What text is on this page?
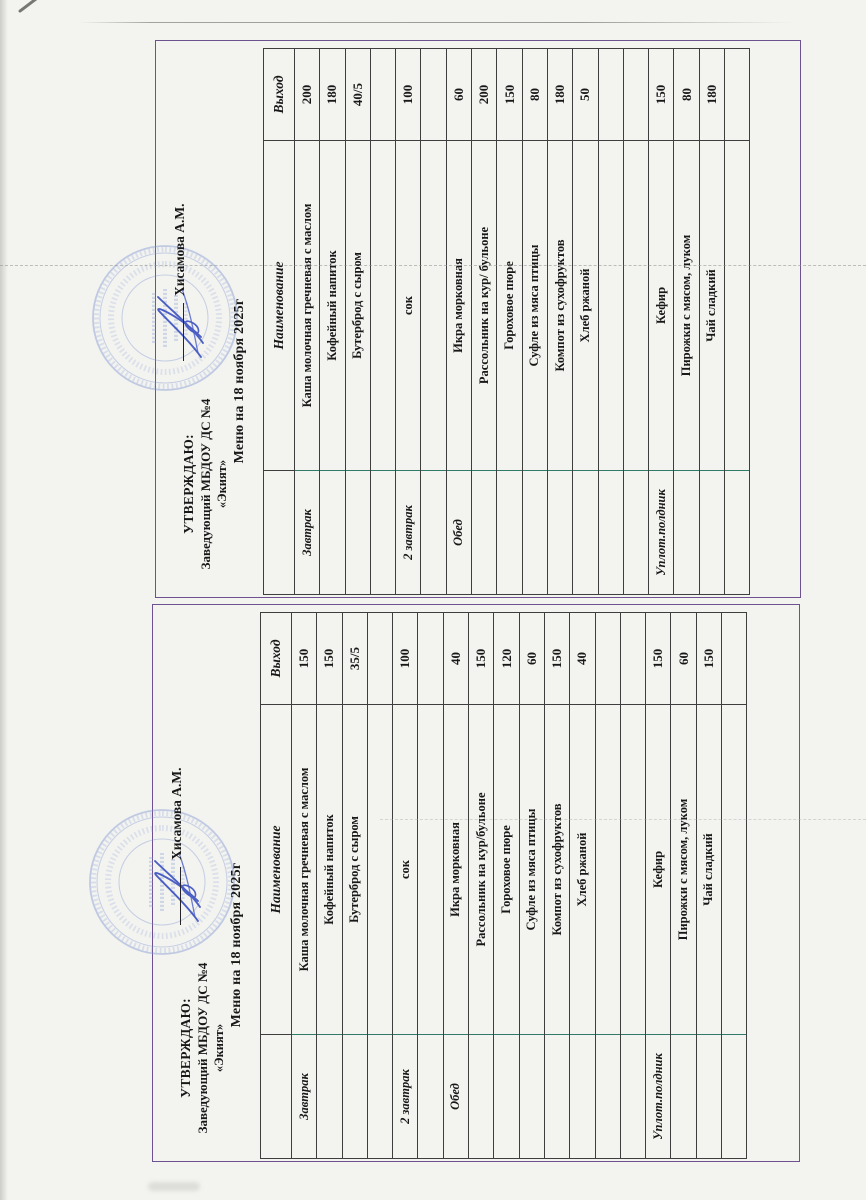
УТВЕРЖДАЮ: Заведующий МБДОУ ДС №4 «Экият»
Хисамова А.М.
Меню на 18 ноября 2025г
	Наименование	Выход
Завтрак	Каша молочная гречневая с маслом	200
	Кофейный напиток	180
	Бутерброд с сыром	40/5

2 завтрак	сок	100

Обед	Икра морковная	60
	Рассольник на кур/ бульоне	200
	Гороховое пюре	150
	Суфле из мяса птицы	80
	Компот из сухофруктов	180
	Хлеб ржаной	50

Уплот.полдник	Кефир	150
	Пирожки с мясом, луком	80
	Чай сладкий	180

УТВЕРЖДАЮ: Заведующий МБДОУ ДС №4 «Экият»
Хисамова А.М.
Меню на 18 ноября 2025г
	Наименование	Выход
Завтрак	Каша молочная гречневая с маслом	150
	Кофейный напиток	150
	Бутерброд с сыром	35/5

2 завтрак	сок	100

Обед	Икра морковная	40
	Рассольник на кур/бульоне	150
	Гороховое пюре	120
	Суфле из мяса птицы	60
	Компот из сухофруктов	150
	Хлеб ржаной	40

Уплот.полдник	Кефир	150
	Пирожки с мясом, луком	60
	Чай сладкий	150
